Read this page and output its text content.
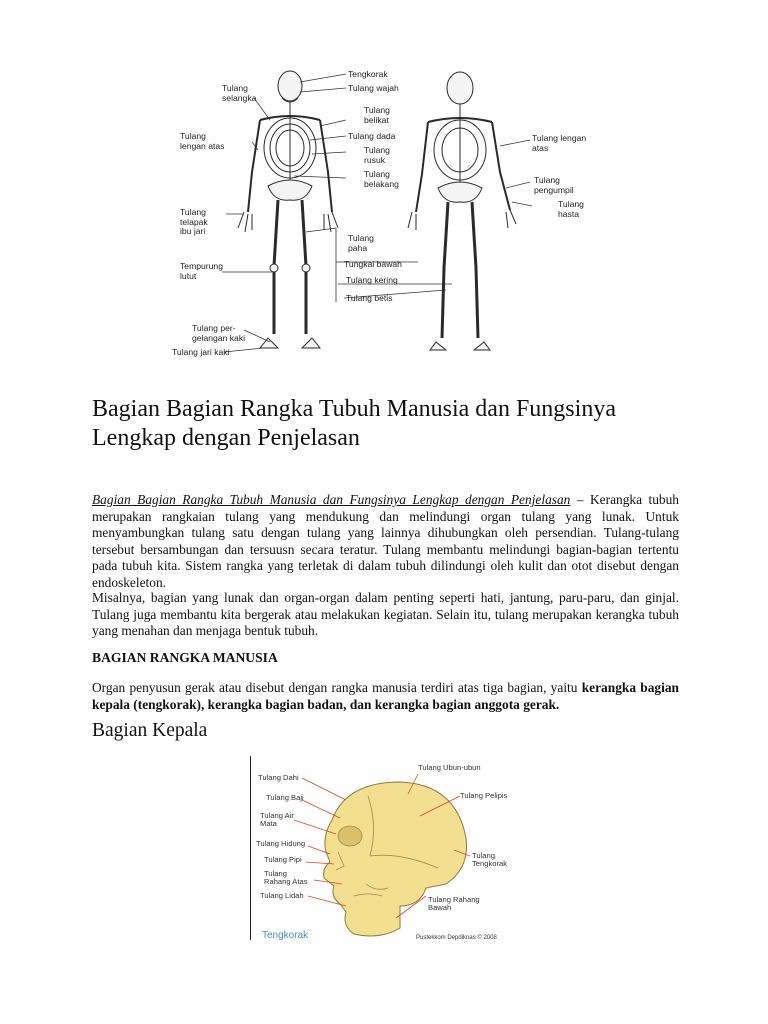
Tulang
selangka
Tulang
lengan atas
Tulang
telapak
ibu jari
Tempurung
lutut
Tulang per-
gelangan kaki
Tulang jari kaki
Tengkorak
Tulang wajah
Tulang
belikat
Tulang dada
Tulang
rusuk
Tulang
belakang
Tulang
paha
Tungkai bawah
Tulang kering
Tulang betis
Tulang lengan
atas
Tulang
pengumpil
Tulang
hasta
Bagian Bagian Rangka Tubuh Manusia dan Fungsinya Lengkap dengan Penjelasan

Bagian Bagian Rangka Tubuh Manusia dan Fungsinya Lengkap dengan Penjelasan – Kerangka tubuh merupakan rangkaian tulang yang mendukung dan melindungi organ tulang yang lunak. Untuk menyambungkan tulang satu dengan tulang yang lainnya dihubungkan oleh persendian. Tulang-tulang tersebut bersambungan dan tersuusn secara teratur. Tulang membantu melindungi bagian-bagian tertentu pada tubuh kita. Sistem rangka yang terletak di dalam tubuh dilindungi oleh kulit dan otot disebut dengan endoskeleton.

Misalnya, bagian yang lunak dan organ-organ dalam penting seperti hati, jantung, paru-paru, dan ginjal. Tulang juga membantu kita bergerak atau melakukan kegiatan. Selain itu, tulang merupakan kerangka tubuh yang menahan dan menjaga bentuk tubuh.

BAGIAN RANGKA MANUSIA

Organ penyusun gerak atau disebut dengan rangka manusia terdiri atas tiga bagian, yaitu kerangka bagian kepala (tengkorak), kerangka bagian badan, dan kerangka bagian anggota gerak.

Bagian Kepala

Tulang Dahi
Tulang Baji
Tulang Air
Mata
Tulang Hidung
Tulang Pipi
Tulang
Rahang Atas
Tulang Lidah
Tulang Ubun-ubun
Tulang Pelipis
Tulang
Tengkorak
Tulang Rahang
Bawah
Tengkorak	Pustekkom Depdiknas © 2008
